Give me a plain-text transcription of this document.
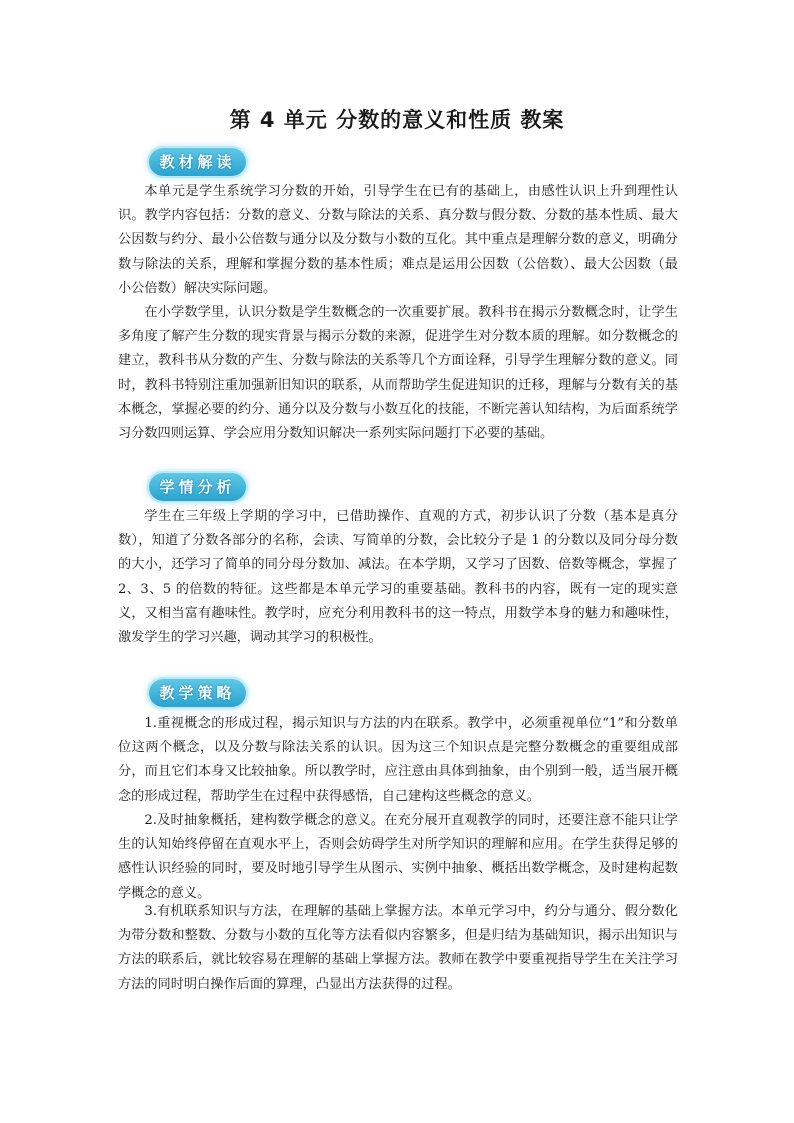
第 4 单元 分数的意义和性质 教案
教材解读

本单元是学生系统学习分数的开始，引导学生在已有的基础上，由感性认识上升到理性认识。教学内容包括：分数的意义、分数与除法的关系、真分数与假分数、分数的基本性质、最大公因数与约分、最小公倍数与通分以及分数与小数的互化。其中重点是理解分数的意义，明确分数与除法的关系，理解和掌握分数的基本性质；难点是运用公因数（公倍数）、最大公因数（最小公倍数）解决实际问题。

在小学数学里，认识分数是学生数概念的一次重要扩展。教科书在揭示分数概念时，让学生多角度了解产生分数的现实背景与揭示分数的来源，促进学生对分数本质的理解。如分数概念的建立，教科书从分数的产生、分数与除法的关系等几个方面诠释，引导学生理解分数的意义。同时，教科书特别注重加强新旧知识的联系，从而帮助学生促进知识的迁移，理解与分数有关的基本概念，掌握必要的约分、通分以及分数与小数互化的技能，不断完善认知结构，为后面系统学习分数四则运算、学会应用分数知识解决一系列实际问题打下必要的基础。

学情分析

学生在三年级上学期的学习中，已借助操作、直观的方式，初步认识了分数（基本是真分数），知道了分数各部分的名称，会读、写简单的分数，会比较分子是 1 的分数以及同分母分数的大小，还学习了简单的同分母分数加、减法。在本学期，又学习了因数、倍数等概念，掌握了 2、3、5 的倍数的特征。这些都是本单元学习的重要基础。教科书的内容，既有一定的现实意义，又相当富有趣味性。教学时，应充分利用教科书的这一特点，用数学本身的魅力和趣味性，激发学生的学习兴趣，调动其学习的积极性。

教学策略

1.重视概念的形成过程，揭示知识与方法的内在联系。教学中，必须重视单位“1”和分数单位这两个概念，以及分数与除法关系的认识。因为这三个知识点是完整分数概念的重要组成部分，而且它们本身又比较抽象。所以教学时，应注意由具体到抽象，由个别到一般，适当展开概念的形成过程，帮助学生在过程中获得感悟，自己建构这些概念的意义。

2.及时抽象概括，建构数学概念的意义。在充分展开直观教学的同时，还要注意不能只让学生的认知始终停留在直观水平上，否则会妨碍学生对所学知识的理解和应用。在学生获得足够的感性认识经验的同时，要及时地引导学生从图示、实例中抽象、概括出数学概念，及时建构起数学概念的意义。

3.有机联系知识与方法，在理解的基础上掌握方法。本单元学习中，约分与通分、假分数化为带分数和整数、分数与小数的互化等方法看似内容繁多，但是归结为基础知识，揭示出知识与方法的联系后，就比较容易在理解的基础上掌握方法。教师在教学中要重视指导学生在关注学习方法的同时明白操作后面的算理，凸显出方法获得的过程。
